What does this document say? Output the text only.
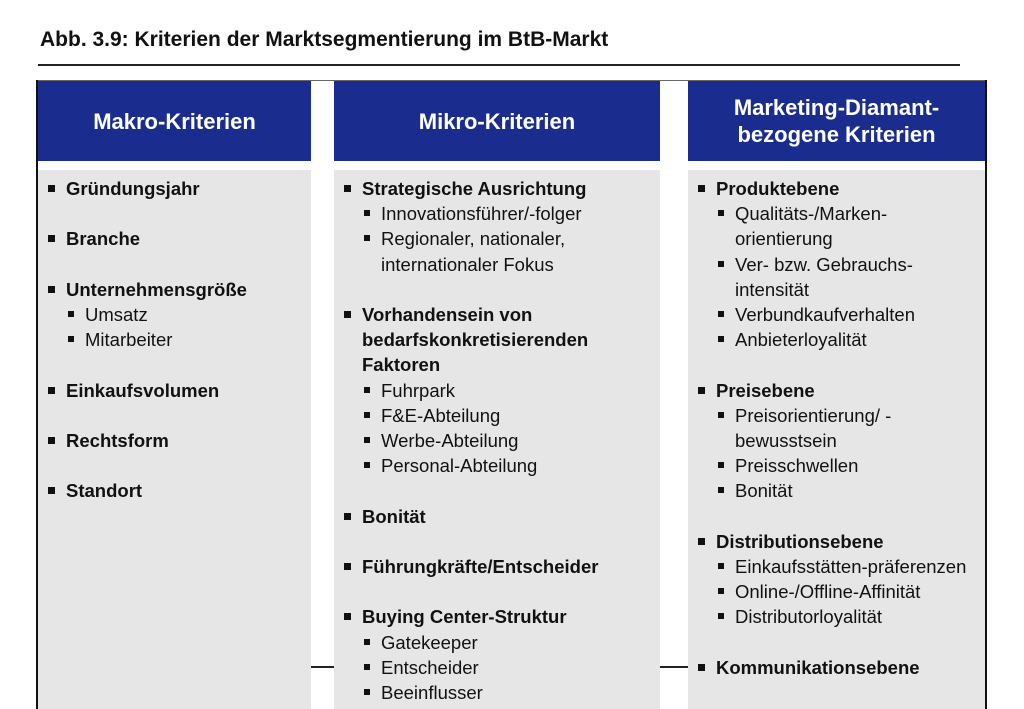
Abb. 3.9: Kriterien der Marktsegmentierung im BtB-Markt
Makro-Kriterien
Gründungsjahr
Branche
Unternehmensgröße
Umsatz
Mitarbeiter
Einkaufsvolumen
Rechtsform
Standort
Mikro-Kriterien
Strategische Ausrichtung
Innovationsführer/-folger
Regionaler, nationaler, internationaler Fokus
Vorhandensein von bedarfskonkretisierenden Faktoren
Fuhrpark
F&E-Abteilung
Werbe-Abteilung
Personal-Abteilung
Bonität
Führungkräfte/Entscheider
Buying Center-Struktur
Gatekeeper
Entscheider
Beeinflusser
Marketing-Diamant-
bezogene Kriterien
Produktebene
Qualitäts-/Marken-orientierung
Ver- bzw. Gebrauchs-intensität
Verbundkaufverhalten
Anbieterloyalität
Preisebene
Preisorientierung/ -bewusstsein
Preisschwellen
Bonität
Distributionsebene
Einkaufsstätten-präferenzen
Online-/Offline-Affinität
Distributorloyalität
Kommunikationsebene
